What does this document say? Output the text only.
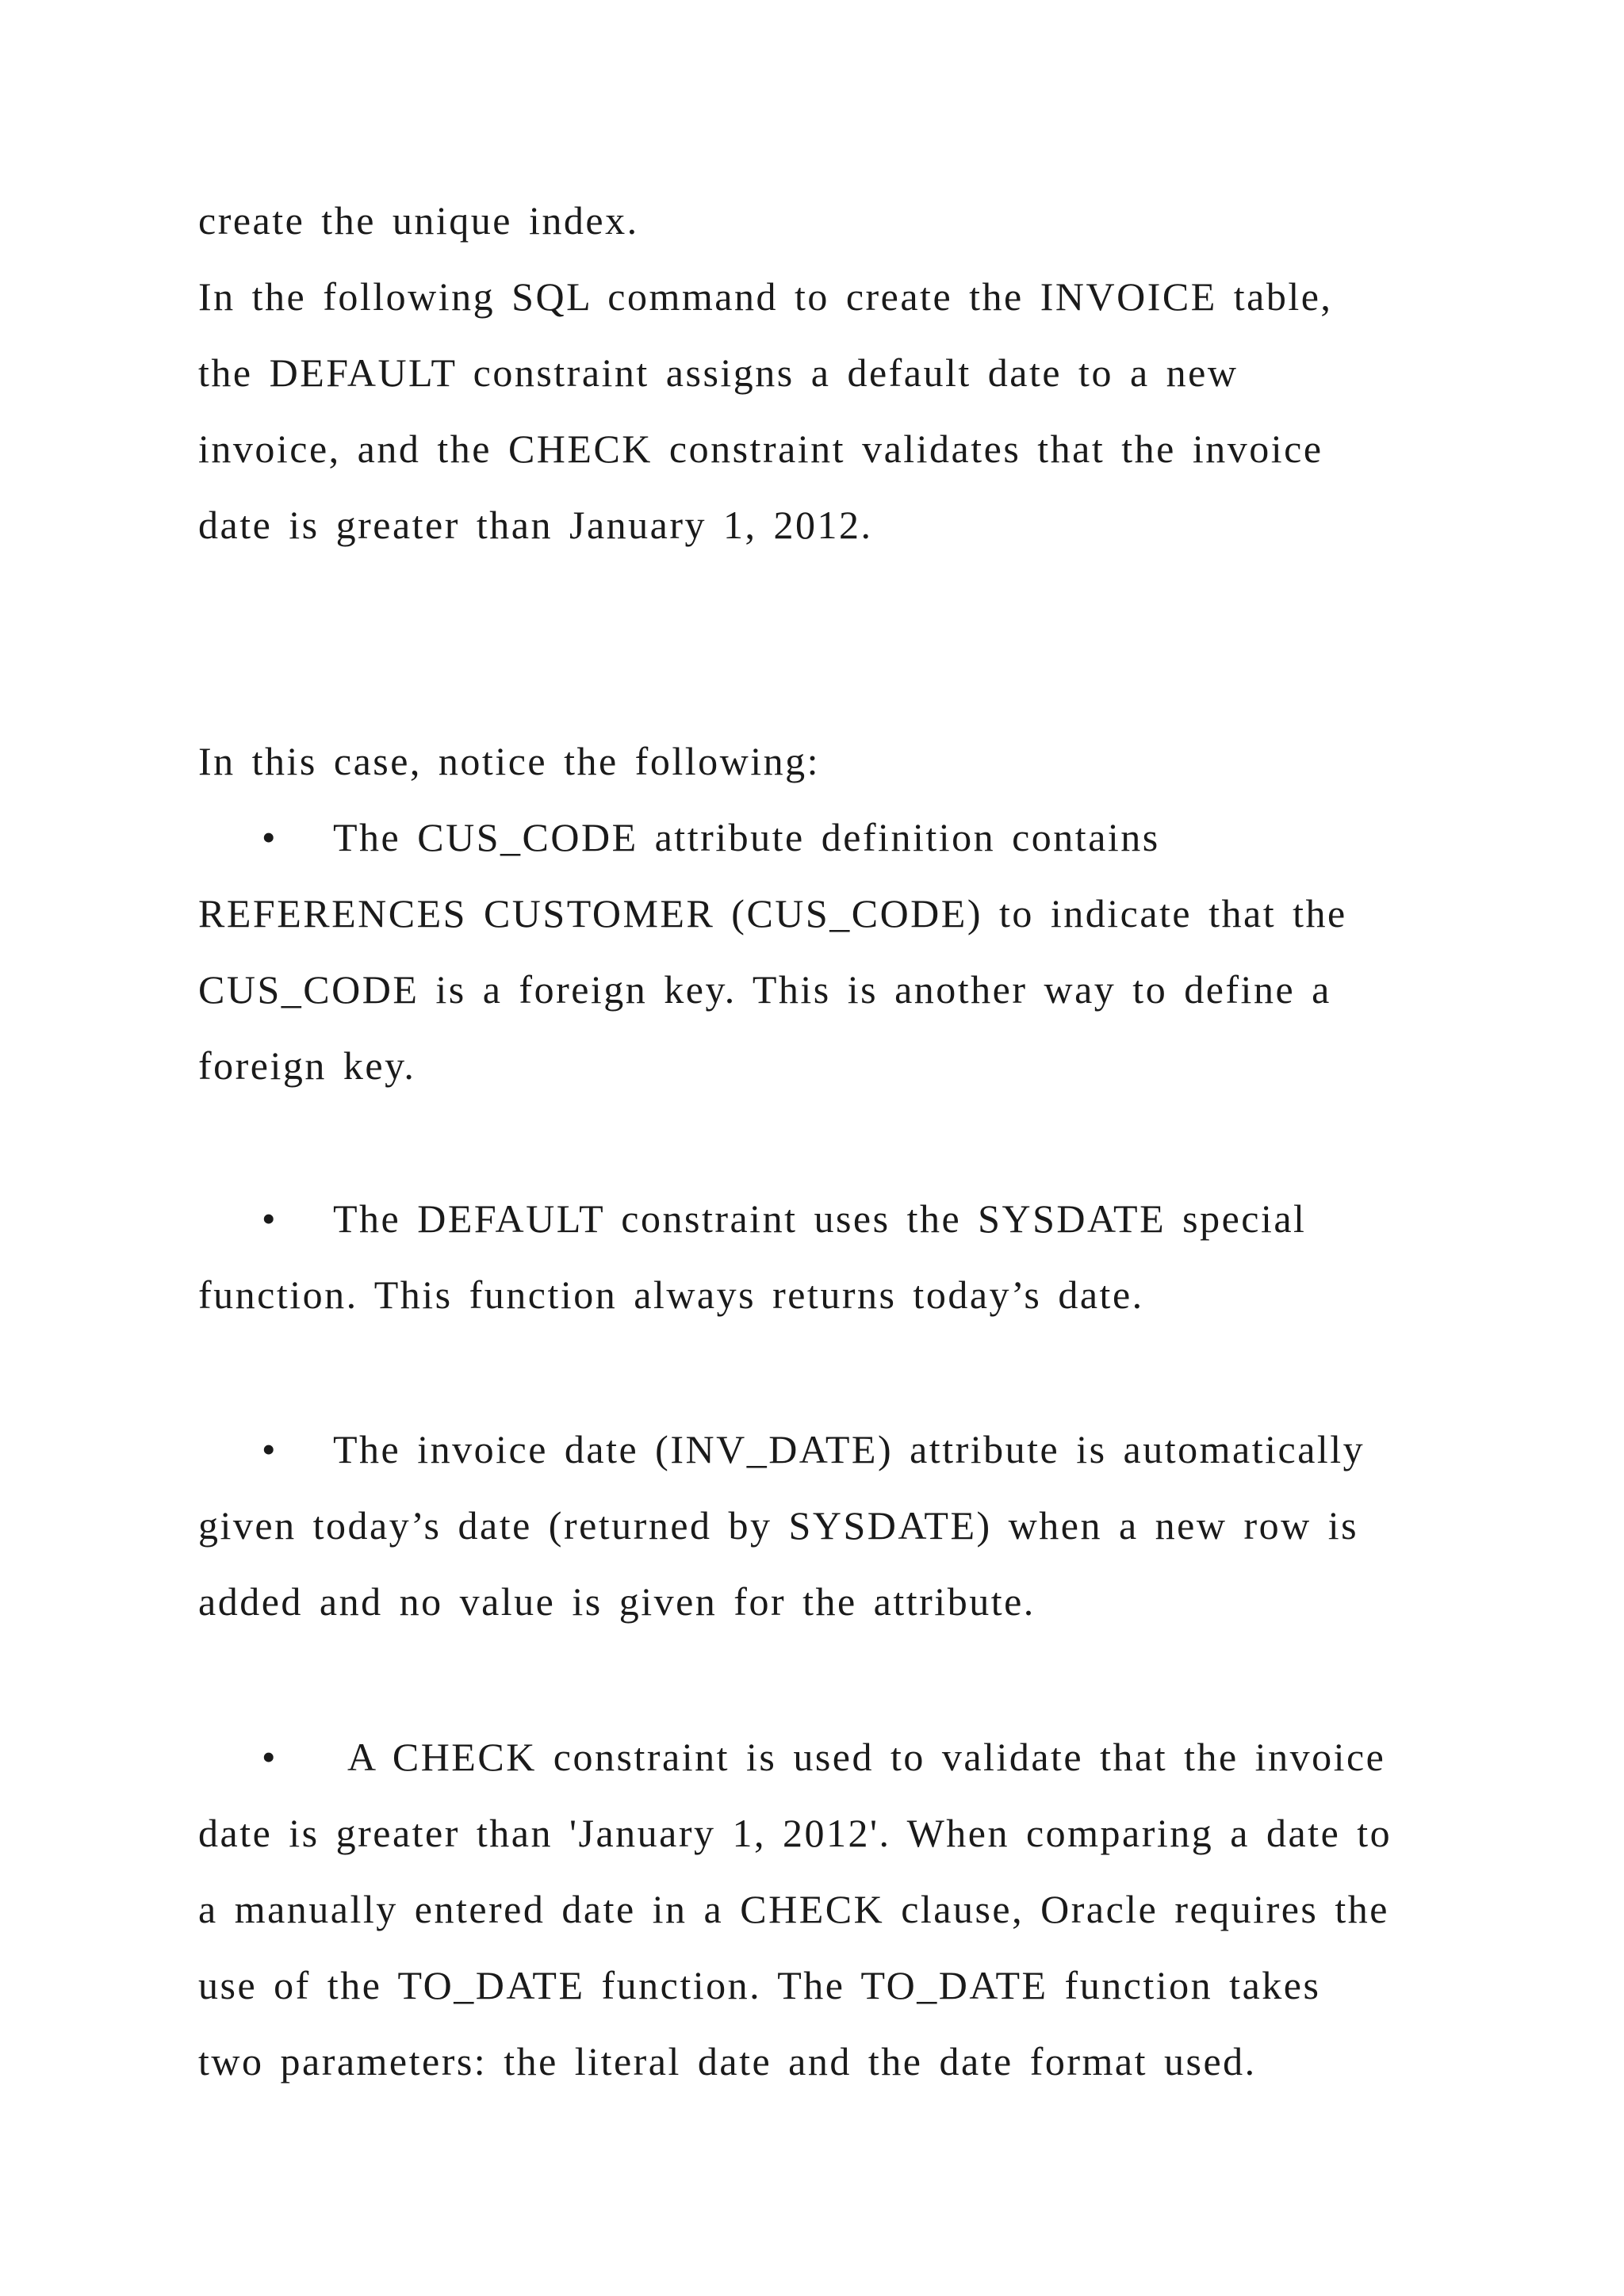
create the unique index.
In the following SQL command to create the INVOICE table,
the DEFAULT constraint assigns a default date to a new
invoice, and the CHECK constraint validates that the invoice
date is greater than January 1, 2012.
In this case, notice the following:
• The CUS_CODE attribute definition contains
REFERENCES CUSTOMER (CUS_CODE) to indicate that the
CUS_CODE is a foreign key. This is another way to define a
foreign key.
• The DEFAULT constraint uses the SYSDATE special
function. This function always returns today’s date.
• The invoice date (INV_DATE) attribute is automatically
given today’s date (returned by SYSDATE) when a new row is
added and no value is given for the attribute.
• A CHECK constraint is used to validate that the invoice
date is greater than 'January 1, 2012'. When comparing a date to
a manually entered date in a CHECK clause, Oracle requires the
use of the TO_DATE function. The TO_DATE function takes
two parameters: the literal date and the date format used.
